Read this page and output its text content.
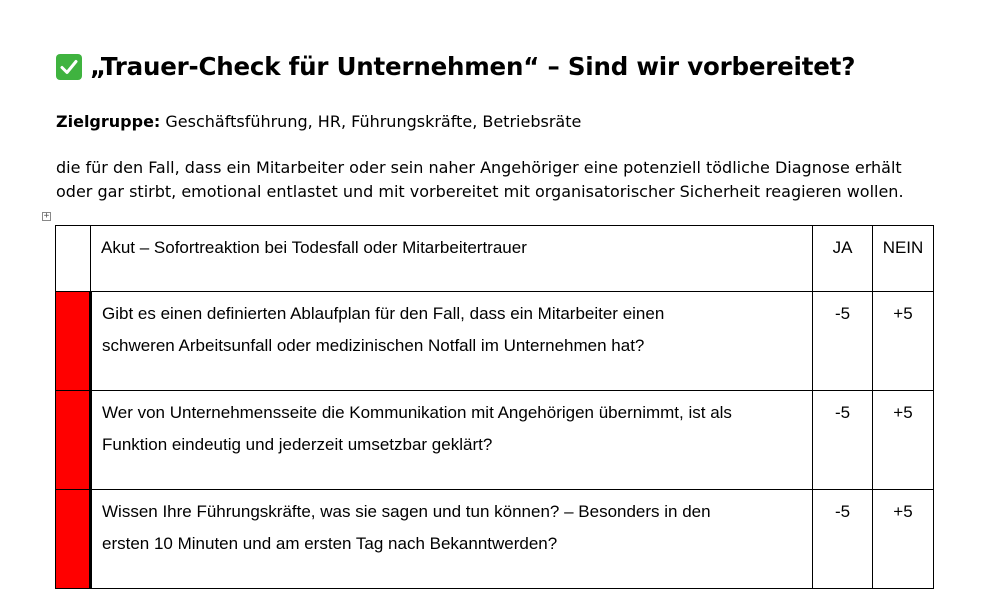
„Trauer-Check für Unternehmen“ – Sind wir vorbereitet?
Zielgruppe: Geschäftsführung, HR, Führungskräfte, Betriebsräte
die für den Fall, dass ein Mitarbeiter oder sein naher Angehöriger eine potenziell tödliche Diagnose erhält
oder gar stirbt, emotional entlastet und mit vorbereitet mit organisatorischer Sicherheit reagieren wollen.
+
	Akut – Sofortreaktion bei Todesfall oder Mitarbeitertrauer	JA	NEIN

	Gibt es einen definierten Ablaufplan für den Fall, dass ein Mitarbeiter einen
schweren Arbeitsunfall oder medizinischen Notfall im Unternehmen hat?	-5	+5

	Wer von Unternehmensseite die Kommunikation mit Angehörigen übernimmt, ist als
Funktion eindeutig und jederzeit umsetzbar geklärt?	-5	+5

	Wissen Ihre Führungskräfte, was sie sagen und tun können? – Besonders in den
ersten 10 Minuten und am ersten Tag nach Bekanntwerden?	-5	+5
